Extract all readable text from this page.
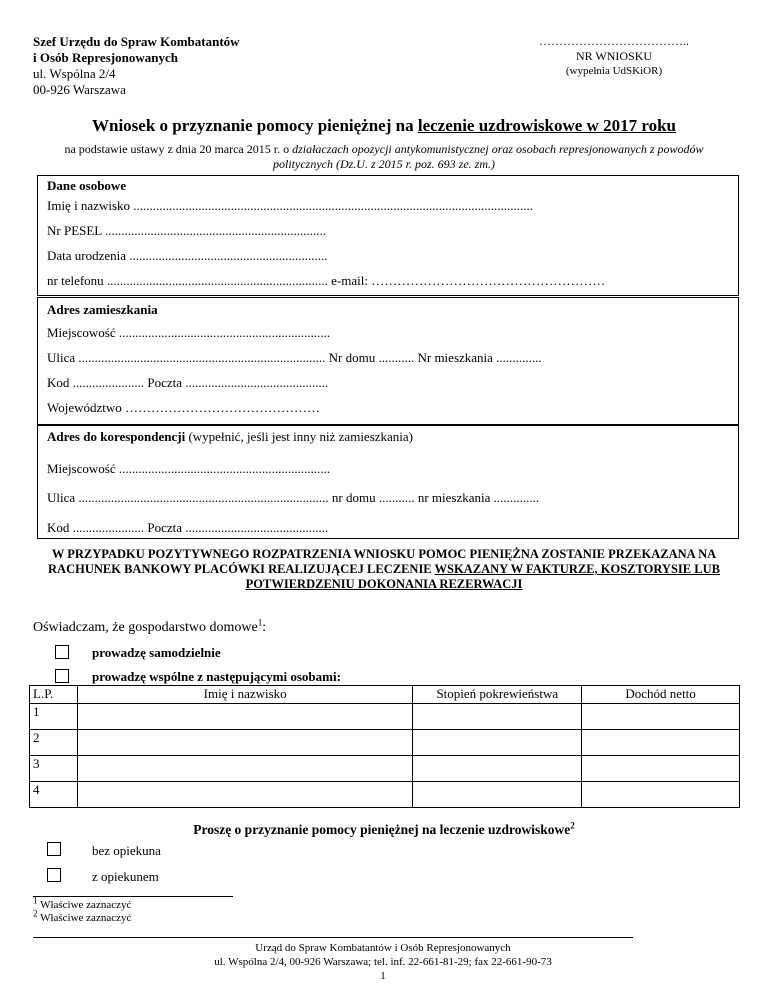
Szef Urzędu do Spraw Kombatantów
i Osób Represjonowanych
ul. Wspólna 2/4
00-926 Warszawa
………………………………..
NR WNIOSKU
(wypełnia UdSKiOR)
Wniosek o przyznanie pomocy pieniężnej na leczenie uzdrowiskowe w 2017 roku
na podstawie ustawy z dnia 20 marca 2015 r. o działaczach opozycji antykomunistycznej oraz osobach represjonowanych z powodów politycznych (Dz.U. z 2015 r. poz. 693 ze. zm.)
Dane osobowe
Imię i nazwisko ...........................................................................................................................
Nr PESEL ....................................................................
Data urodzenia .............................................................
nr telefonu .................................................................... e-mail: ………………………………………………
Adres zamieszkania
Miejscowość .................................................................
Ulica ............................................................................ Nr domu ........... Nr mieszkania ..............
Kod ...................... Poczta ............................................
Województwo ………………………………………
Adres do korespondencji (wypełnić, jeśli jest inny niż zamieszkania)
Miejscowość .................................................................
Ulica ............................................................................. nr domu ........... nr mieszkania ..............
Kod ...................... Poczta ............................................
W PRZYPADKU POZYTYWNEGO ROZPATRZENIA WNIOSKU POMOC PIENIĘŻNA ZOSTANIE PRZEKAZANA NA RACHUNEK BANKOWY PLACÓWKI REALIZUJĄCEJ LECZENIE WSKAZANY W FAKTURZE, KOSZTORYSIE LUB POTWIERDZENIU DOKONANIA REZERWACJI
Oświadczam, że gospodarstwo domowe$^1$:
prowadzę samodzielnie
prowadzę wspólne z następującymi osobami:
L.P.	Imię i nazwisko	Stopień pokrewieństwa	Dochód netto
1			
2			
3			
4			
Proszę o przyznanie pomocy pieniężnej na leczenie uzdrowiskowe$^2$
bez opiekuna
z opiekunem
$^1$ Właściwe zaznaczyć
$^2$ Właściwe zaznaczyć
Urząd do Spraw Kombatantów i Osób Represjonowanych
ul. Wspólna 2/4, 00-926 Warszawa; tel. inf. 22-661-81-29; fax 22-661-90-73
1
